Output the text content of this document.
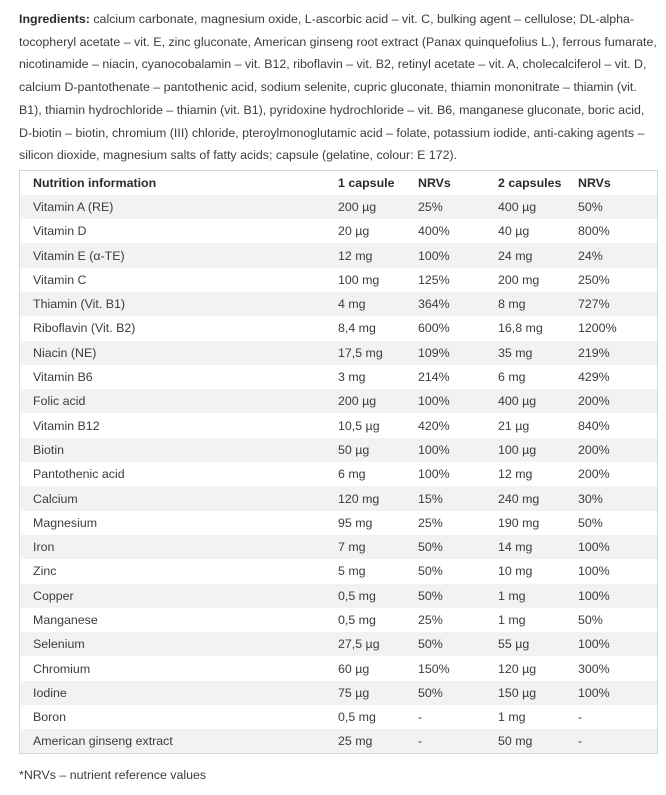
Ingredients: calcium carbonate, magnesium oxide, L-ascorbic acid – vit. C, bulking agent – cellulose; DL-alpha-tocopheryl acetate – vit. E, zinc gluconate, American ginseng root extract (Panax quinquefolius L.), ferrous fumarate, nicotinamide – niacin, cyanocobalamin – vit. B12, riboflavin – vit. B2, retinyl acetate – vit. A, cholecalciferol – vit. D, calcium D-pantothenate – pantothenic acid, sodium selenite, cupric gluconate, thiamin mononitrate – thiamin (vit. B1), thiamin hydrochloride – thiamin (vit. B1), pyridoxine hydrochloride – vit. B6, manganese gluconate, boric acid, D-biotin – biotin, chromium (III) chloride, pteroylmonoglutamic acid – folate, potassium iodide, anti-caking agents – silicon dioxide, magnesium salts of fatty acids; capsule (gelatine, colour: E 172).

Nutrition information	1 capsule	NRVs	2 capsules	NRVs
Vitamin A (RE)	200 µg	25%	400 µg	50%
Vitamin D	20 µg	400%	40 µg	800%
Vitamin E (α-TE)	12 mg	100%	24 mg	24%
Vitamin C	100 mg	125%	200 mg	250%
Thiamin (Vit. B1)	4 mg	364%	8 mg	727%
Riboflavin (Vit. B2)	8,4 mg	600%	16,8 mg	1200%
Niacin (NE)	17,5 mg	109%	35 mg	219%
Vitamin B6	3 mg	214%	6 mg	429%
Folic acid	200 µg	100%	400 µg	200%
Vitamin B12	10,5 µg	420%	21 µg	840%
Biotin	50 µg	100%	100 µg	200%
Pantothenic acid	6 mg	100%	12 mg	200%
Calcium	120 mg	15%	240 mg	30%
Magnesium	95 mg	25%	190 mg	50%
Iron	7 mg	50%	14 mg	100%
Zinc	5 mg	50%	10 mg	100%
Copper	0,5 mg	50%	1 mg	100%
Manganese	0,5 mg	25%	1 mg	50%
Selenium	27,5 µg	50%	55 µg	100%
Chromium	60 µg	150%	120 µg	300%
Iodine	75 µg	50%	150 µg	100%
Boron	0,5 mg	-	1 mg	-
American ginseng extract	25 mg	-	50 mg	-

*NRVs – nutrient reference values
